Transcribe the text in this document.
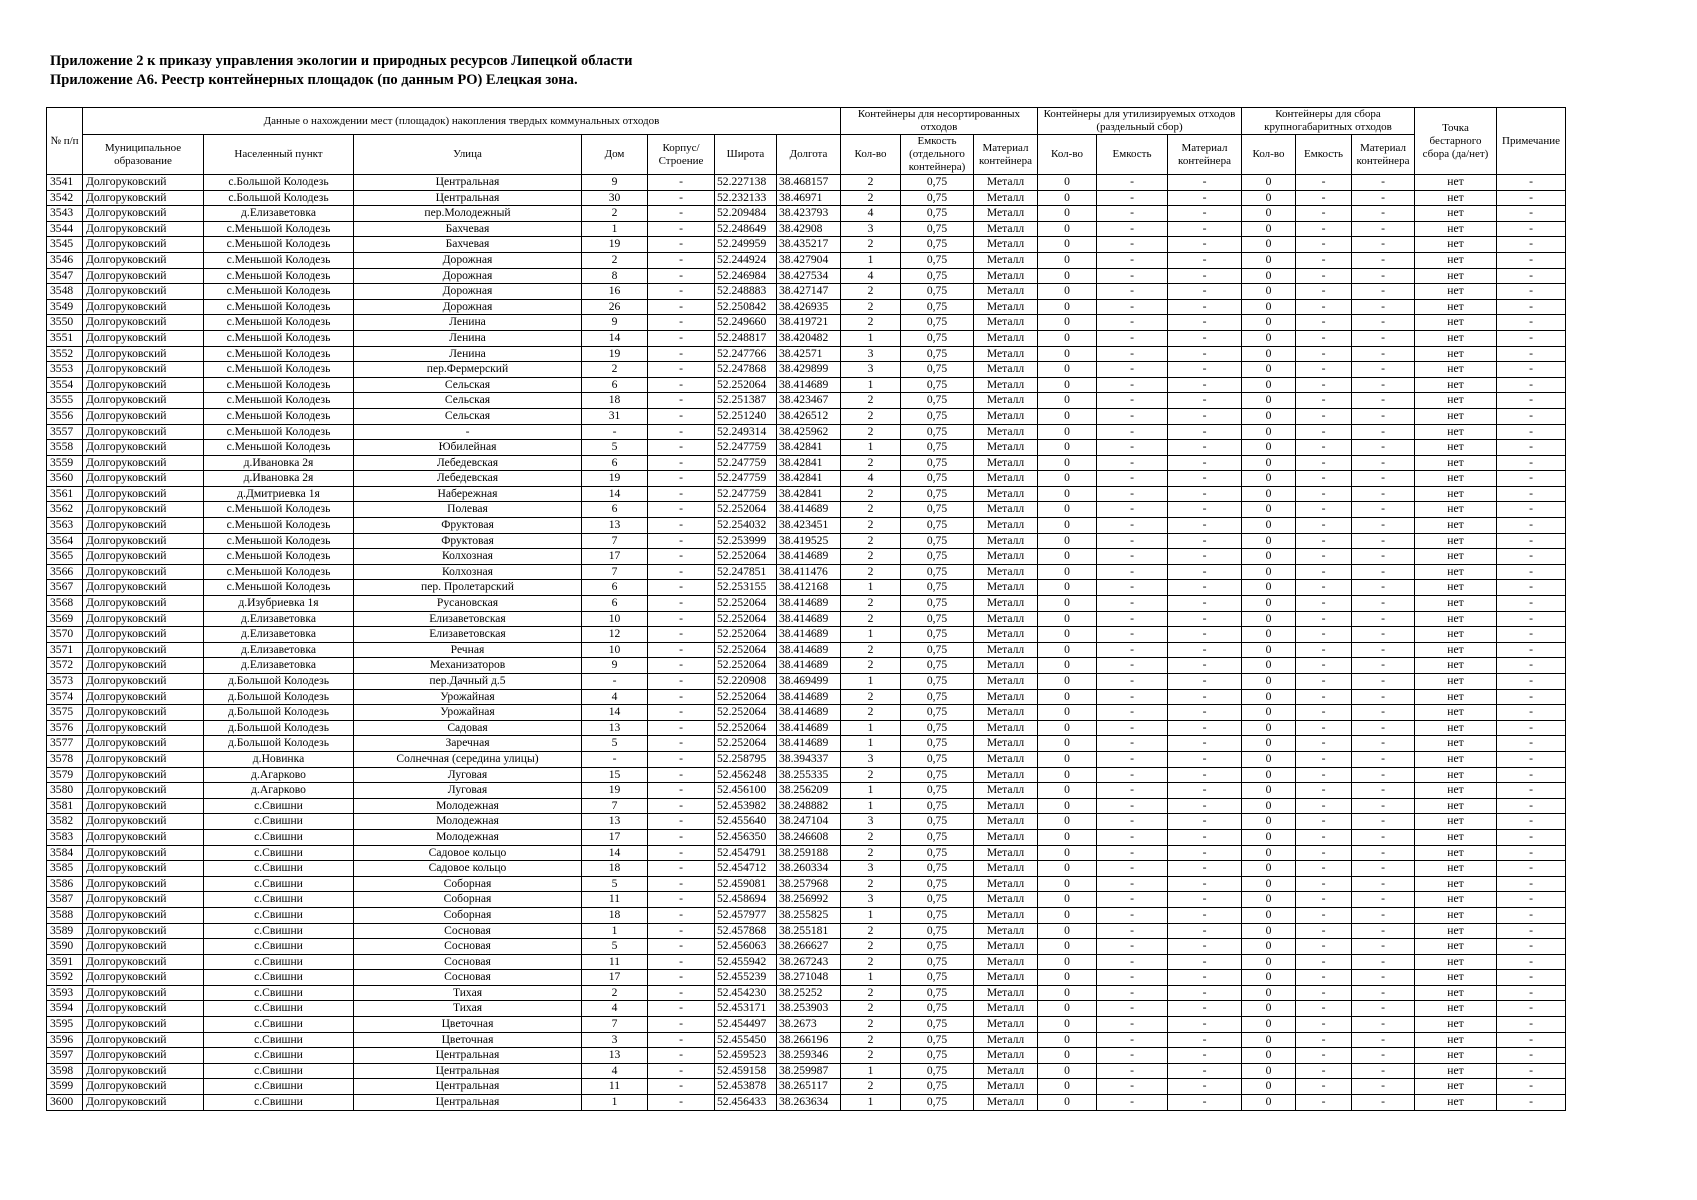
Приложение 2 к приказу управления экологии и природных ресурсов Липецкой области
Приложение А6. Реестр контейнерных площадок (по данным РО) Елецкая зона.
№ п/п	Данные о нахождении мест (площадок) накопления твердых коммунальных отходов							Контейнеры для несортированных отходов			Контейнеры для утилизируемых отходов (раздельный сбор)			Контейнеры для сбора крупногабаритных отходов			Точка бестарного сбора (да/нет)	Примечание
	Муниципальное образование	Населенный пункт	Улица	Дом	Корпус/ Строение	Широта	Долгота	Кол-во	Емкость (отдельного контейнера)	Материал контейнера	Кол-во	Емкость	Материал контейнера	Кол-во	Емкость	Материал контейнера		
3541	Долгоруковский	с.Большой Колодезь	Центральная	9	-	52.227138	38.468157	2	0,75	Металл	0	-	-	0	-	-	нет	-
3542	Долгоруковский	с.Большой Колодезь	Центральная	30	-	52.232133	38.46971	2	0,75	Металл	0	-	-	0	-	-	нет	-
3543	Долгоруковский	д.Елизаветовка	пер.Молодежный	2	-	52.209484	38.423793	4	0,75	Металл	0	-	-	0	-	-	нет	-
3544	Долгоруковский	с.Меньшой Колодезь	Бахчевая	1	-	52.248649	38.42908	3	0,75	Металл	0	-	-	0	-	-	нет	-
3545	Долгоруковский	с.Меньшой Колодезь	Бахчевая	19	-	52.249959	38.435217	2	0,75	Металл	0	-	-	0	-	-	нет	-
3546	Долгоруковский	с.Меньшой Колодезь	Дорожная	2	-	52.244924	38.427904	1	0,75	Металл	0	-	-	0	-	-	нет	-
3547	Долгоруковский	с.Меньшой Колодезь	Дорожная	8	-	52.246984	38.427534	4	0,75	Металл	0	-	-	0	-	-	нет	-
3548	Долгоруковский	с.Меньшой Колодезь	Дорожная	16	-	52.248883	38.427147	2	0,75	Металл	0	-	-	0	-	-	нет	-
3549	Долгоруковский	с.Меньшой Колодезь	Дорожная	26	-	52.250842	38.426935	2	0,75	Металл	0	-	-	0	-	-	нет	-
3550	Долгоруковский	с.Меньшой Колодезь	Ленина	9	-	52.249660	38.419721	2	0,75	Металл	0	-	-	0	-	-	нет	-
3551	Долгоруковский	с.Меньшой Колодезь	Ленина	14	-	52.248817	38.420482	1	0,75	Металл	0	-	-	0	-	-	нет	-
3552	Долгоруковский	с.Меньшой Колодезь	Ленина	19	-	52.247766	38.42571	3	0,75	Металл	0	-	-	0	-	-	нет	-
3553	Долгоруковский	с.Меньшой Колодезь	пер.Фермерский	2	-	52.247868	38.429899	3	0,75	Металл	0	-	-	0	-	-	нет	-
3554	Долгоруковский	с.Меньшой Колодезь	Сельская	6	-	52.252064	38.414689	1	0,75	Металл	0	-	-	0	-	-	нет	-
3555	Долгоруковский	с.Меньшой Колодезь	Сельская	18	-	52.251387	38.423467	2	0,75	Металл	0	-	-	0	-	-	нет	-
3556	Долгоруковский	с.Меньшой Колодезь	Сельская	31	-	52.251240	38.426512	2	0,75	Металл	0	-	-	0	-	-	нет	-
3557	Долгоруковский	с.Меньшой Колодезь	-	-	-	52.249314	38.425962	2	0,75	Металл	0	-	-	0	-	-	нет	-
3558	Долгоруковский	с.Меньшой Колодезь	Юбилейная	5	-	52.247759	38.42841	1	0,75	Металл	0	-	-	0	-	-	нет	-
3559	Долгоруковский	д.Ивановка 2я	Лебедевская	6	-	52.247759	38.42841	2	0,75	Металл	0	-	-	0	-	-	нет	-
3560	Долгоруковский	д.Ивановка 2я	Лебедевская	19	-	52.247759	38.42841	4	0,75	Металл	0	-	-	0	-	-	нет	-
3561	Долгоруковский	д.Дмитриевка 1я	Набережная	14	-	52.247759	38.42841	2	0,75	Металл	0	-	-	0	-	-	нет	-
3562	Долгоруковский	с.Меньшой Колодезь	Полевая	6	-	52.252064	38.414689	2	0,75	Металл	0	-	-	0	-	-	нет	-
3563	Долгоруковский	с.Меньшой Колодезь	Фруктовая	13	-	52.254032	38.423451	2	0,75	Металл	0	-	-	0	-	-	нет	-
3564	Долгоруковский	с.Меньшой Колодезь	Фруктовая	7	-	52.253999	38.419525	2	0,75	Металл	0	-	-	0	-	-	нет	-
3565	Долгоруковский	с.Меньшой Колодезь	Колхозная	17	-	52.252064	38.414689	2	0,75	Металл	0	-	-	0	-	-	нет	-
3566	Долгоруковский	с.Меньшой Колодезь	Колхозная	7	-	52.247851	38.411476	2	0,75	Металл	0	-	-	0	-	-	нет	-
3567	Долгоруковский	с.Меньшой Колодезь	пер. Пролетарский	6	-	52.253155	38.412168	1	0,75	Металл	0	-	-	0	-	-	нет	-
3568	Долгоруковский	д.Изубриевка 1я	Русановская	6	-	52.252064	38.414689	2	0,75	Металл	0	-	-	0	-	-	нет	-
3569	Долгоруковский	д.Елизаветовка	Елизаветовская	10	-	52.252064	38.414689	2	0,75	Металл	0	-	-	0	-	-	нет	-
3570	Долгоруковский	д.Елизаветовка	Елизаветовская	12	-	52.252064	38.414689	1	0,75	Металл	0	-	-	0	-	-	нет	-
3571	Долгоруковский	д.Елизаветовка	Речная	10	-	52.252064	38.414689	2	0,75	Металл	0	-	-	0	-	-	нет	-
3572	Долгоруковский	д.Елизаветовка	Механизаторов	9	-	52.252064	38.414689	2	0,75	Металл	0	-	-	0	-	-	нет	-
3573	Долгоруковский	д.Большой Колодезь	пер.Дачный д.5	-	-	52.220908	38.469499	1	0,75	Металл	0	-	-	0	-	-	нет	-
3574	Долгоруковский	д.Большой Колодезь	Урожайная	4	-	52.252064	38.414689	2	0,75	Металл	0	-	-	0	-	-	нет	-
3575	Долгоруковский	д.Большой Колодезь	Урожайная	14	-	52.252064	38.414689	2	0,75	Металл	0	-	-	0	-	-	нет	-
3576	Долгоруковский	д.Большой Колодезь	Садовая	13	-	52.252064	38.414689	1	0,75	Металл	0	-	-	0	-	-	нет	-
3577	Долгоруковский	д.Большой Колодезь	Заречная	5	-	52.252064	38.414689	1	0,75	Металл	0	-	-	0	-	-	нет	-
3578	Долгоруковский	д.Новинка	Солнечная (середина улицы)	-	-	52.258795	38.394337	3	0,75	Металл	0	-	-	0	-	-	нет	-
3579	Долгоруковский	д.Агарково	Луговая	15	-	52.456248	38.255335	2	0,75	Металл	0	-	-	0	-	-	нет	-
3580	Долгоруковский	д.Агарково	Луговая	19	-	52.456100	38.256209	1	0,75	Металл	0	-	-	0	-	-	нет	-
3581	Долгоруковский	с.Свишни	Молодежная	7	-	52.453982	38.248882	1	0,75	Металл	0	-	-	0	-	-	нет	-
3582	Долгоруковский	с.Свишни	Молодежная	13	-	52.455640	38.247104	3	0,75	Металл	0	-	-	0	-	-	нет	-
3583	Долгоруковский	с.Свишни	Молодежная	17	-	52.456350	38.246608	2	0,75	Металл	0	-	-	0	-	-	нет	-
3584	Долгоруковский	с.Свишни	Садовое кольцо	14	-	52.454791	38.259188	2	0,75	Металл	0	-	-	0	-	-	нет	-
3585	Долгоруковский	с.Свишни	Садовое кольцо	18	-	52.454712	38.260334	3	0,75	Металл	0	-	-	0	-	-	нет	-
3586	Долгоруковский	с.Свишни	Соборная	5	-	52.459081	38.257968	2	0,75	Металл	0	-	-	0	-	-	нет	-
3587	Долгоруковский	с.Свишни	Соборная	11	-	52.458694	38.256992	3	0,75	Металл	0	-	-	0	-	-	нет	-
3588	Долгоруковский	с.Свишни	Соборная	18	-	52.457977	38.255825	1	0,75	Металл	0	-	-	0	-	-	нет	-
3589	Долгоруковский	с.Свишни	Сосновая	1	-	52.457868	38.255181	2	0,75	Металл	0	-	-	0	-	-	нет	-
3590	Долгоруковский	с.Свишни	Сосновая	5	-	52.456063	38.266627	2	0,75	Металл	0	-	-	0	-	-	нет	-
3591	Долгоруковский	с.Свишни	Сосновая	11	-	52.455942	38.267243	2	0,75	Металл	0	-	-	0	-	-	нет	-
3592	Долгоруковский	с.Свишни	Сосновая	17	-	52.455239	38.271048	1	0,75	Металл	0	-	-	0	-	-	нет	-
3593	Долгоруковский	с.Свишни	Тихая	2	-	52.454230	38.25252	2	0,75	Металл	0	-	-	0	-	-	нет	-
3594	Долгоруковский	с.Свишни	Тихая	4	-	52.453171	38.253903	2	0,75	Металл	0	-	-	0	-	-	нет	-
3595	Долгоруковский	с.Свишни	Цветочная	7	-	52.454497	38.2673	2	0,75	Металл	0	-	-	0	-	-	нет	-
3596	Долгоруковский	с.Свишни	Цветочная	3	-	52.455450	38.266196	2	0,75	Металл	0	-	-	0	-	-	нет	-
3597	Долгоруковский	с.Свишни	Центральная	13	-	52.459523	38.259346	2	0,75	Металл	0	-	-	0	-	-	нет	-
3598	Долгоруковский	с.Свишни	Центральная	4	-	52.459158	38.259987	1	0,75	Металл	0	-	-	0	-	-	нет	-
3599	Долгоруковский	с.Свишни	Центральная	11	-	52.453878	38.265117	2	0,75	Металл	0	-	-	0	-	-	нет	-
3600	Долгоруковский	с.Свишни	Центральная	1	-	52.456433	38.263634	1	0,75	Металл	0	-	-	0	-	-	нет	-
